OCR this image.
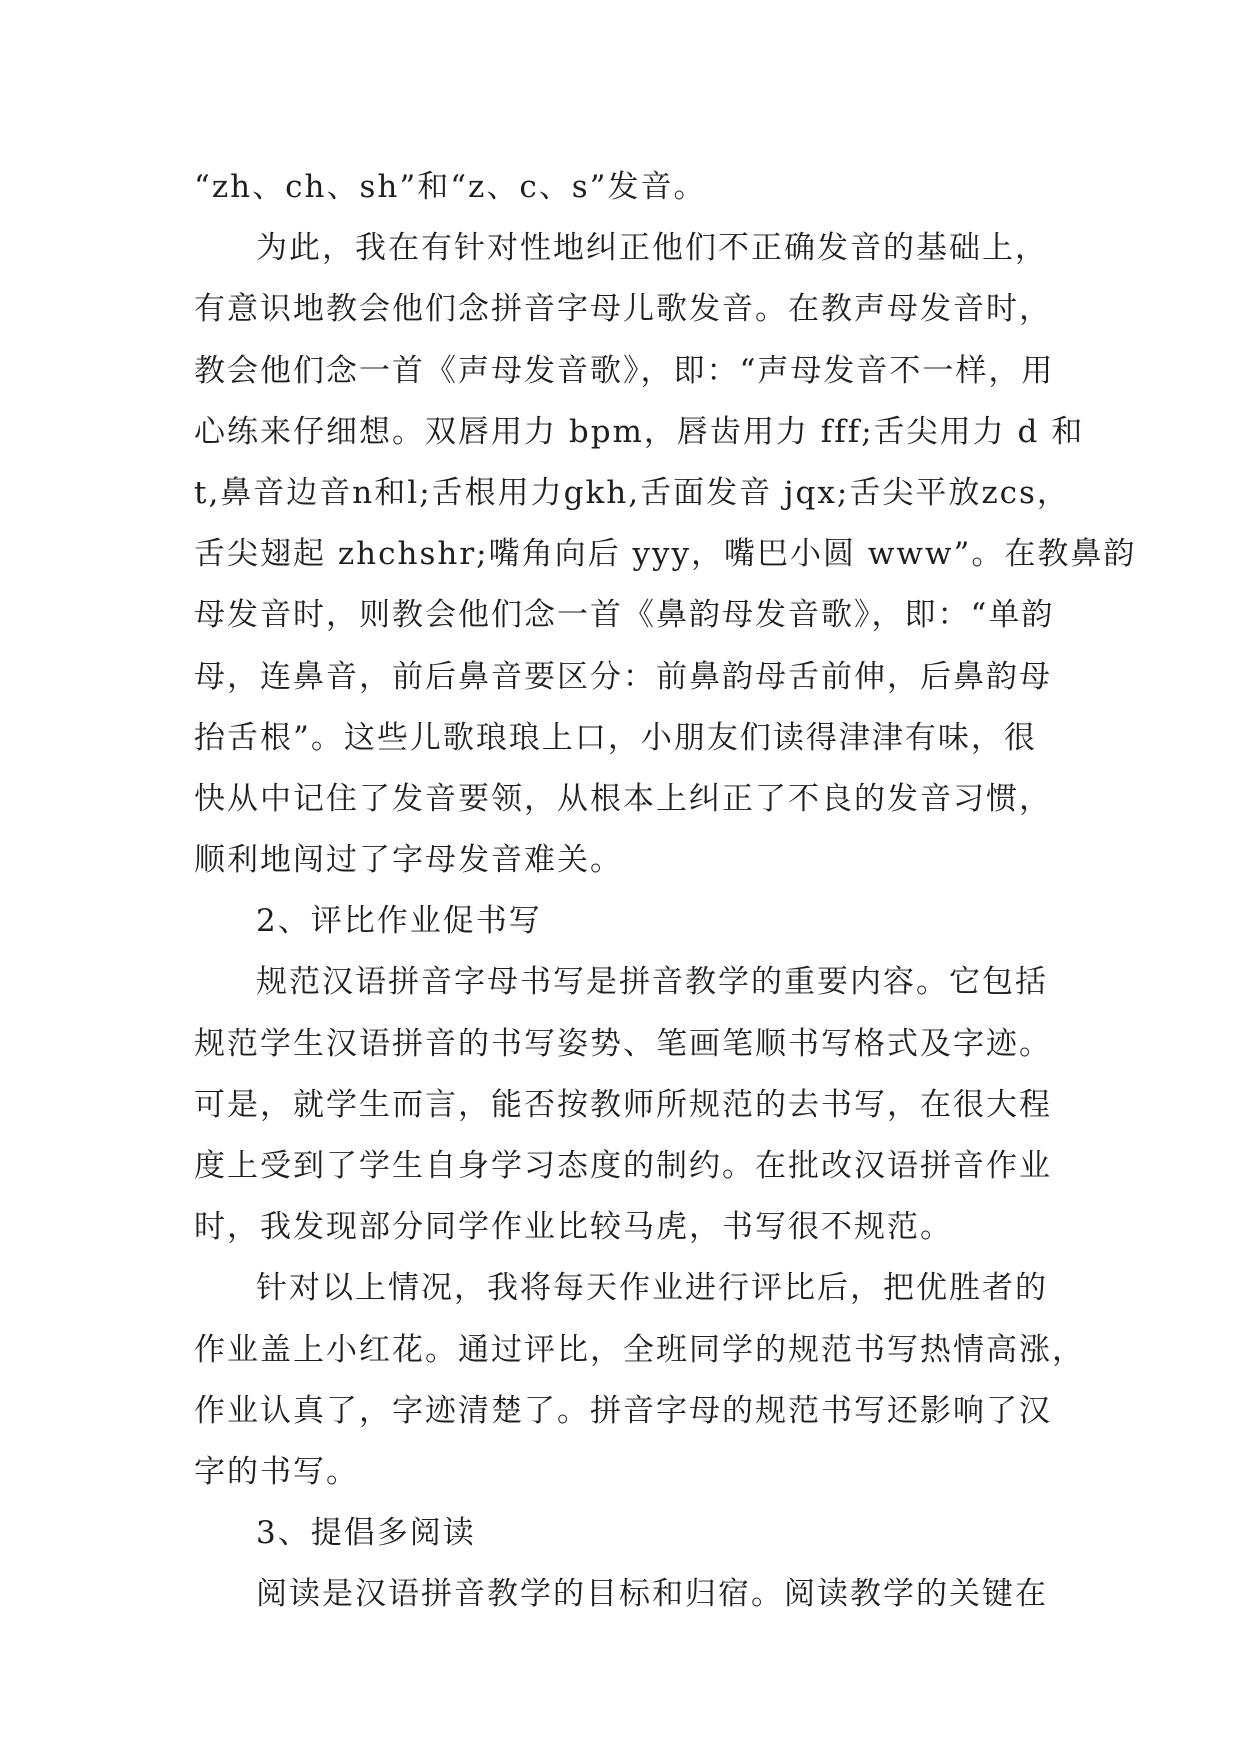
“zh、ch、sh”和“z、c、s”发音。
为此，我在有针对性地纠正他们不正确发音的基础上，
有意识地教会他们念拼音字母儿歌发音。在教声母发音时，
教会他们念一首《声母发音歌》，即：“声母发音不一样，用
心练来仔细想。双唇用力 bpm，唇齿用力 fff;舌尖用力 d 和
t,鼻音边音n和l;舌根用力gkh,舌面发音 jqx;舌尖平放zcs，
舌尖翅起 zhchshr;嘴角向后 yyy，嘴巴小圆 www”。在教鼻韵
母发音时，则教会他们念一首《鼻韵母发音歌》，即：“单韵
母，连鼻音，前后鼻音要区分：前鼻韵母舌前伸，后鼻韵母
抬舌根”。这些儿歌琅琅上口，小朋友们读得津津有味，很
快从中记住了发音要领，从根本上纠正了不良的发音习惯，
顺利地闯过了字母发音难关。
2、评比作业促书写
规范汉语拼音字母书写是拼音教学的重要内容。它包括
规范学生汉语拼音的书写姿势、笔画笔顺书写格式及字迹。
可是，就学生而言，能否按教师所规范的去书写，在很大程
度上受到了学生自身学习态度的制约。在批改汉语拼音作业
时，我发现部分同学作业比较马虎，书写很不规范。
针对以上情况，我将每天作业进行评比后，把优胜者的
作业盖上小红花。通过评比，全班同学的规范书写热情高涨，
作业认真了，字迹清楚了。拼音字母的规范书写还影响了汉
字的书写。
3、提倡多阅读
阅读是汉语拼音教学的目标和归宿。阅读教学的关键在
